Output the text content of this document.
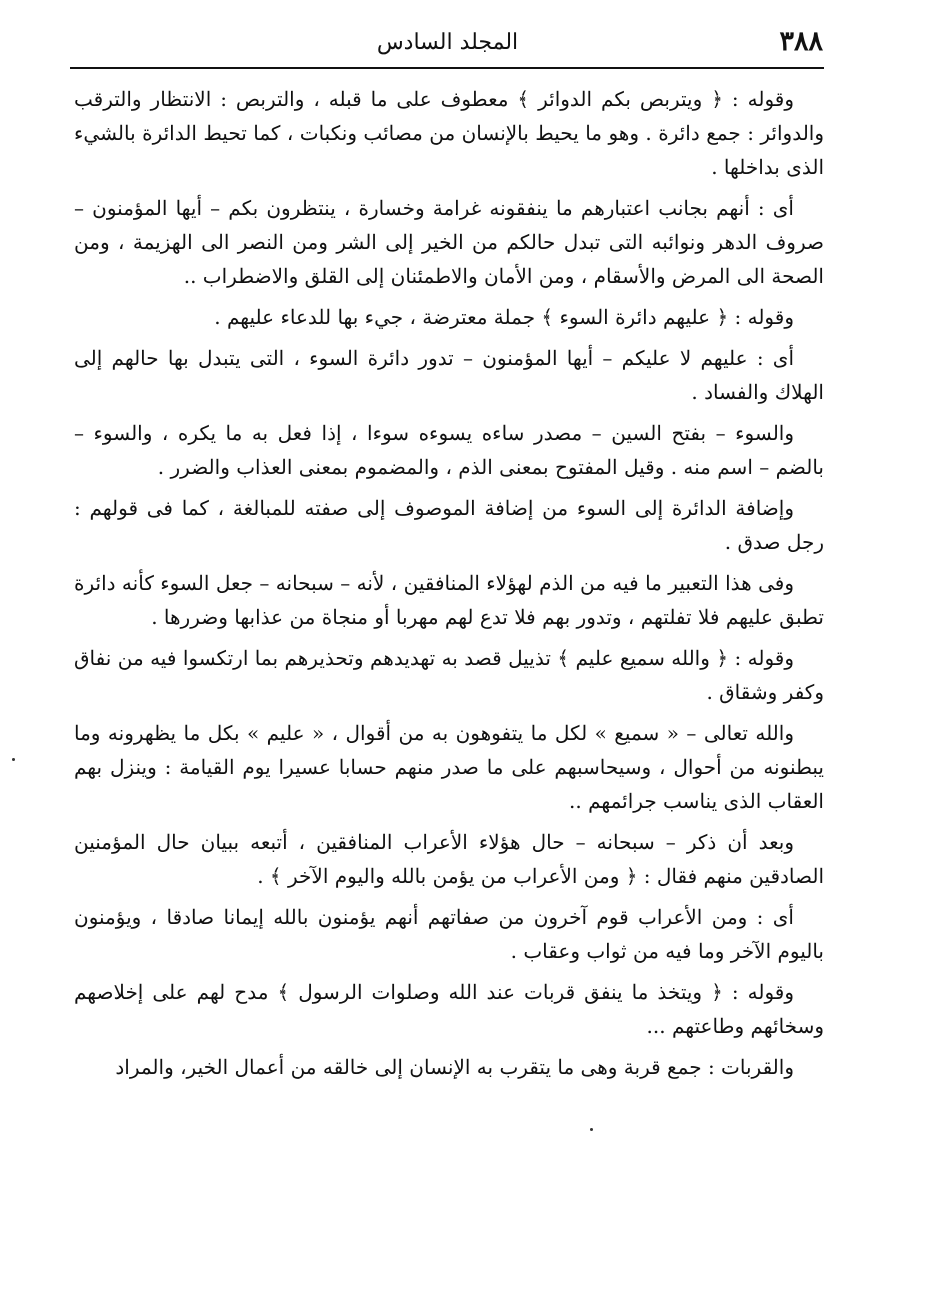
٣٨٨
المجلد السادس

وقوله : ﴿ ويتربص بكم الدوائر ﴾ معطوف على ما قبله ، والتربص : الانتظار والترقب والدوائر : جمع دائرة . وهو ما يحيط بالإنسان من مصائب ونكبات ، كما تحيط الدائرة بالشيء الذى بداخلها .

أى : أنهم بجانب اعتبارهم ما ينفقونه غرامة وخسارة ، ينتظرون بكم – أيها المؤمنون – صروف الدهر ونوائبه التى تبدل حالكم من الخير إلى الشر ومن النصر الى الهزيمة ، ومن الصحة الى المرض والأسقام ، ومن الأمان والاطمئنان إلى القلق والاضطراب ..

وقوله : ﴿ عليهم دائرة السوء ﴾ جملة معترضة ، جيء بها للدعاء عليهم .

أى : عليهم لا عليكم – أيها المؤمنون – تدور دائرة السوء ، التى يتبدل بها حالهم إلى الهلاك والفساد .

والسوء – بفتح السين – مصدر ساءه يسوءه سوءا ، إذا فعل به ما يكره ، والسوء – بالضم – اسم منه . وقيل المفتوح بمعنى الذم ، والمضموم بمعنى العذاب والضرر .

وإضافة الدائرة إلى السوء من إضافة الموصوف إلى صفته للمبالغة ، كما فى قولهم : رجل صدق .

وفى هذا التعبير ما فيه من الذم لهؤلاء المنافقين ، لأنه – سبحانه – جعل السوء كأنه دائرة تطبق عليهم فلا تفلتهم ، وتدور بهم فلا تدع لهم مهربا أو منجاة من عذابها وضررها .

وقوله : ﴿ والله سميع عليم ﴾ تذييل قصد به تهديدهم وتحذيرهم بما ارتكسوا فيه من نفاق وكفر وشقاق .

والله تعالى – « سميع » لكل ما يتفوهون به من أقوال ، « عليم » بكل ما يظهرونه وما يبطنونه من أحوال ، وسيحاسبهم على ما صدر منهم حسابا عسيرا يوم القيامة : وينزل بهم العقاب الذى يناسب جرائمهم ..

وبعد أن ذكر – سبحانه – حال هؤلاء الأعراب المنافقين ، أتبعه ببيان حال المؤمنين الصادقين منهم فقال : ﴿ ومن الأعراب من يؤمن بالله واليوم الآخر ﴾ .

أى : ومن الأعراب قوم آخرون من صفاتهم أنهم يؤمنون بالله إيمانا صادقا ، ويؤمنون باليوم الآخر وما فيه من ثواب وعقاب .

وقوله : ﴿ ويتخذ ما ينفق قربات عند الله وصلوات الرسول ﴾ مدح لهم على إخلاصهم وسخائهم وطاعتهم ...

والقربات : جمع قربة وهى ما يتقرب به الإنسان إلى خالقه من أعمال الخير، والمراد
